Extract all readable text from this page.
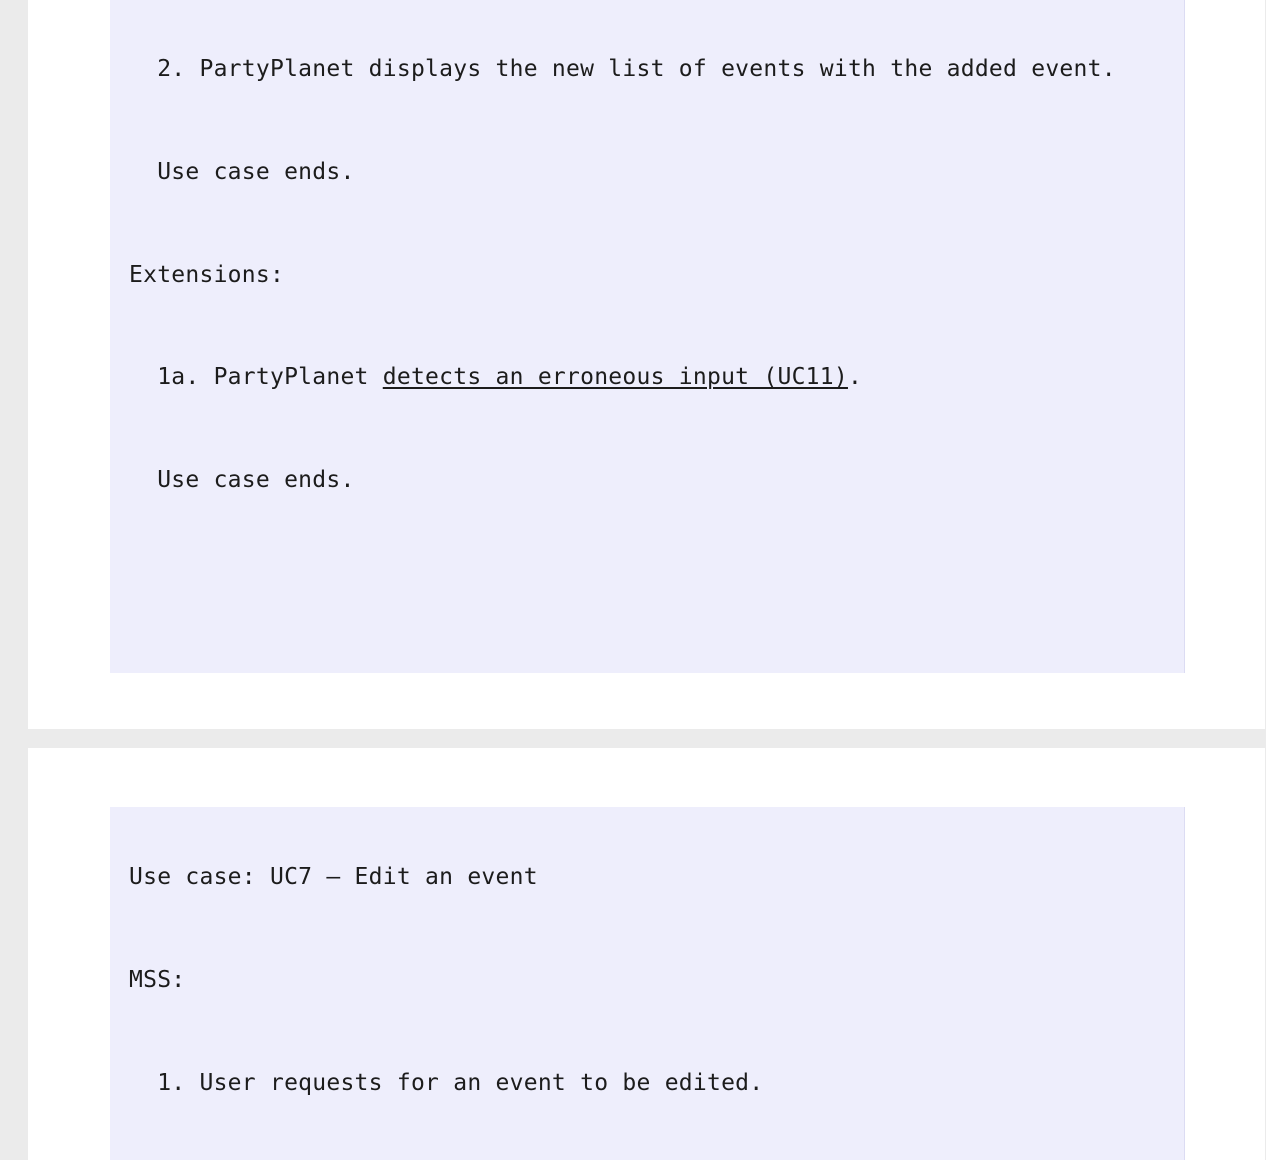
2. PartyPlanet displays the new list of events with the added event.

Use case ends.

Extensions:

1a. PartyPlanet detects an erroneous input (UC11).

Use case ends.

Use case: UC7 – Edit an event

MSS:

1. User requests for an event to be edited.
